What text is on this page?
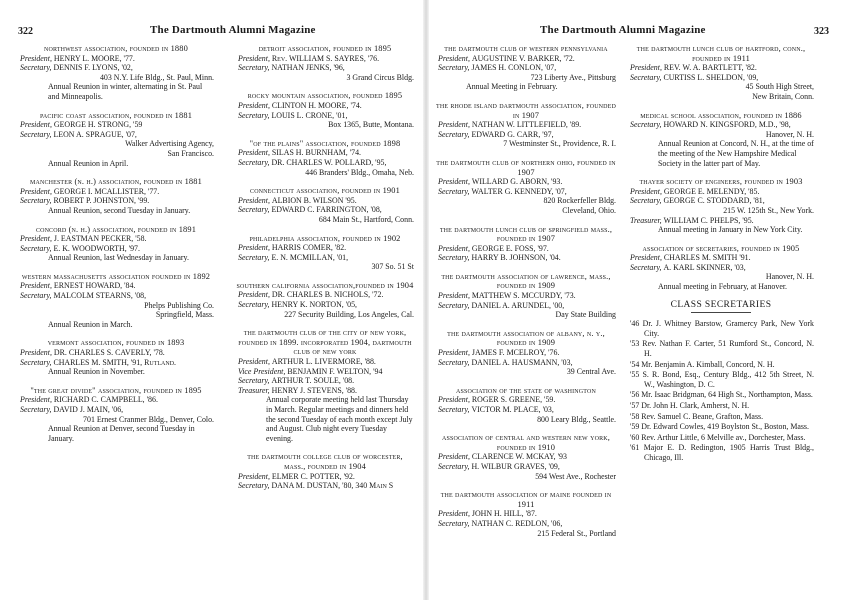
322	The Dartmouth Alumni Magazine
northwest association, founded in 1880
President, HENRY L. MOORE, '77.
Secretary, DENNIS F. LYONS, '02,
403 N.Y. Life Bldg., St. Paul, Minn.
Annual Reunion in winter, alternating in St. Paul and Minneapolis.
pacific coast association, founded in 1881
President, GEORGE H. STRONG, '59
Secretary, LEON A. SPRAGUE, '07,
Walker Advertising Agency,
San Francisco.
Annual Reunion in April.
manchester (n. h.) association, founded in 1881
President, GEORGE I. MCALLISTER, '77.
Secretary, ROBERT P. JOHNSTON, '99.
Annual Reunion, second Tuesday in January.
concord (n. h.) association, founded in 1891
President, J. EASTMAN PECKER, '58.
Secretary, E. K. WOODWORTH, '97.
Annual Reunion, last Wednesday in January.
western massachusetts association founded in 1892
President, ERNEST HOWARD, '84.
Secretary, MALCOLM STEARNS, '08,
Phelps Publishing Co.
Springfield, Mass.
Annual Reunion in March.
vermont association, founded in 1893
President, DR. CHARLES S. CAVERLY, '78.
Secretary, CHARLES M. SMITH, '91, Rutland.
Annual Reunion in November.
"the great divide" association, founded in 1895
President, RICHARD C. CAMPBELL, '86.
Secretary, DAVID J. MAIN, '06,
701 Ernest Cranmer Bldg., Denver, Colo.
Annual Reunion at Denver, second Tuesday in January.
detroit association, founded in 1895
President, Rev. WILLIAM S. SAYRES, '76.
Secretary, NATHAN JENKS, '96,
3 Grand Circus Bldg.
rocky mountain association, founded 1895
President, CLINTON H. MOORE, '74.
Secretary, LOUIS L. CRONE, '01,
Box 1365, Butte, Montana.
"of the plains" association, founded 1898
President, SILAS H. BURNHAM, '74.
Secretary, DR. CHARLES W. POLLARD, '95,
446 Branders' Bldg., Omaha, Neb.
connecticut association, founded in 1901
President, ALBION B. WILSON '95.
Secretary, EDWARD C. FARRINGTON, '08,
684 Main St., Hartford, Conn.
philadelphia association, founded in 1902
President, HARRIS COMER, '82.
Secretary, E. N. MCMILLAN, '01,
307 So. 51 St
southern california association,founded in 1904
President, DR. CHARLES B. NICHOLS, '72.
Secretary, HENRY K. NORTON, '05,
227 Security Building, Los Angeles, Cal.
the dartmouth club of the city of new york, founded in 1899. incorporated 1904, dartmouth club of new york
President, ARTHUR L. LIVERMORE, '88.
Vice President, BENJAMIN F. WELTON, '94
Secretary, ARTHUR T. SOULE, '08.
Treasurer, HENRY J. STEVENS, '88.
Annual corporate meeting held last Thursday in March. Regular meetings and dinners held the second Tuesday of each month except July and August. Club night every Tuesday evening.
the dartmouth college club of worcester, mass., founded in 1904
President, ELMER C. POTTER, '92.
Secretary, DANA M. DUSTAN, '80, 340 Main S
The Dartmouth Alumni Magazine	323
the dartmouth club of western pennsylvania
President, AUGUSTINE V. BARKER, '72.
Secretary, JAMES H. CONLON, '07,
723 Liberty Ave., Pittsburg
Annual Meeting in February.
the rhode island dartmouth association, founded in 1907
President, NATHAN W. LITTLEFIELD, '89.
Secretary, EDWARD G. CARR, '97,
7 Westminster St., Providence, R. I.
the dartmouth club of northern ohio, founded in 1907
President, WILLARD G. ABORN, '93.
Secretary, WALTER G. KENNEDY, '07,
820 Rockerfeller Bldg.
Cleveland, Ohio.
the dartmouth lunch club of springfield mass., founded in 1907
President, GEORGE E. FOSS, '97.
Secretary, HARRY B. JOHNSON, '04.
the dartmouth association of lawrence, mass., founded in 1909
President, MATTHEW S. MCCURDY, '73.
Secretary, DANIEL A. ARUNDEL, '00,
Day State Building
the dartmouth association of albany, n. y., founded in 1909
President, JAMES F. MCELROY, '76.
Secretary, DANIEL A. HAUSMANN, '03,
39 Central Ave.
association of the state of washington
President, ROGER S. GREENE, '59.
Secretary, VICTOR M. PLACE, '03,
800 Leary Bldg., Seattle.
association of central and western new york, founded in 1910
President, CLARENCE W. MCKAY, '93
Secretary, H. WILBUR GRAVES, '09,
594 West Ave., Rochester
the dartmouth association of maine founded in 1911
President, JOHN H. HILL, '87.
Secretary, NATHAN C. REDLON, '06,
215 Federal St., Portland
the dartmouth lunch club of hartford, conn., founded in 1911
President, REV. W. A. BARTLETT, '82.
Secretary, CURTISS L. SHELDON, '09,
45 South High Street,
New Britain, Conn.
medical school association, founded in 1886
Secretary, HOWARD N. KINGSFORD, M.D., '98,
Hanover, N. H.
Annual Reunion at Concord, N. H., at the time of the meeting of the New Hampshire Medical Society in the latter part of May.
thayer society of engineers, founded in 1903
President, GEORGE E. MELENDY, '85.
Secretary, GEORGE C. STODDARD, '81,
215 W. 125th St., New York.
Treasurer, WILLIAM C. PHELPS, '95.
Annual meeting in January in New York City.
association of secretaries, founded in 1905
President, CHARLES M. SMITH '91.
Secretary, A. KARL SKINNER, '03,
Hanover, N. H.
Annual meeting in February, at Hanover.
CLASS SECRETARIES
'46 Dr. J. Whitney Barstow, Gramercy Park, New York City.
'53 Rev. Nathan F. Carter, 51 Rumford St., Concord, N. H.
'54 Mr. Benjamin A. Kimball, Concord, N. H.
'55 S. R. Bond, Esq., Century Bldg., 412 5th Street, N. W., Washington, D. C.
'56 Mr. Isaac Bridgman, 64 High St., Northampton, Mass.
'57 Dr. John H. Clark, Amherst, N. H.
'58 Rev. Samuel C. Beane, Grafton, Mass.
'59 Dr. Edward Cowles, 419 Boylston St., Boston, Mass.
'60 Rev. Arthur Little, 6 Melville av., Dorchester, Mass.
'61 Major E. D. Redington, 1905 Harris Trust Bldg., Chicago, Ill.
